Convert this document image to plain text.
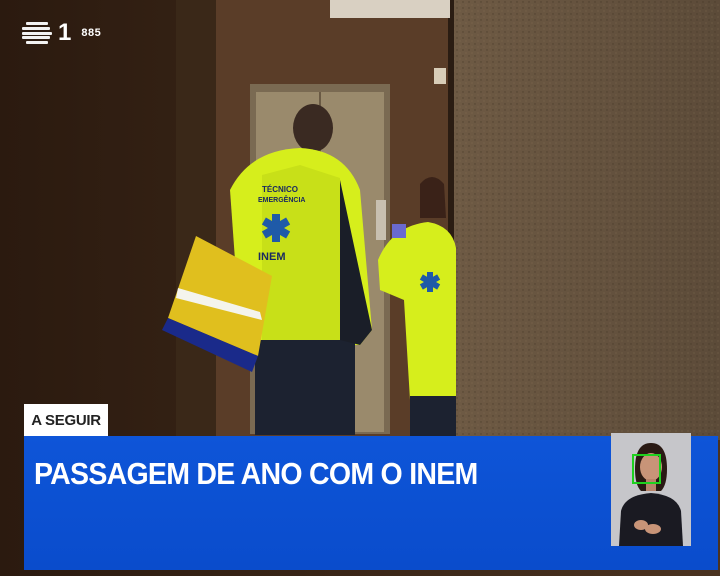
TÉCNICO
EMERGÊNCIA
INEM
1 885
A SEGUIR
PASSAGEM DE ANO COM O INEM
